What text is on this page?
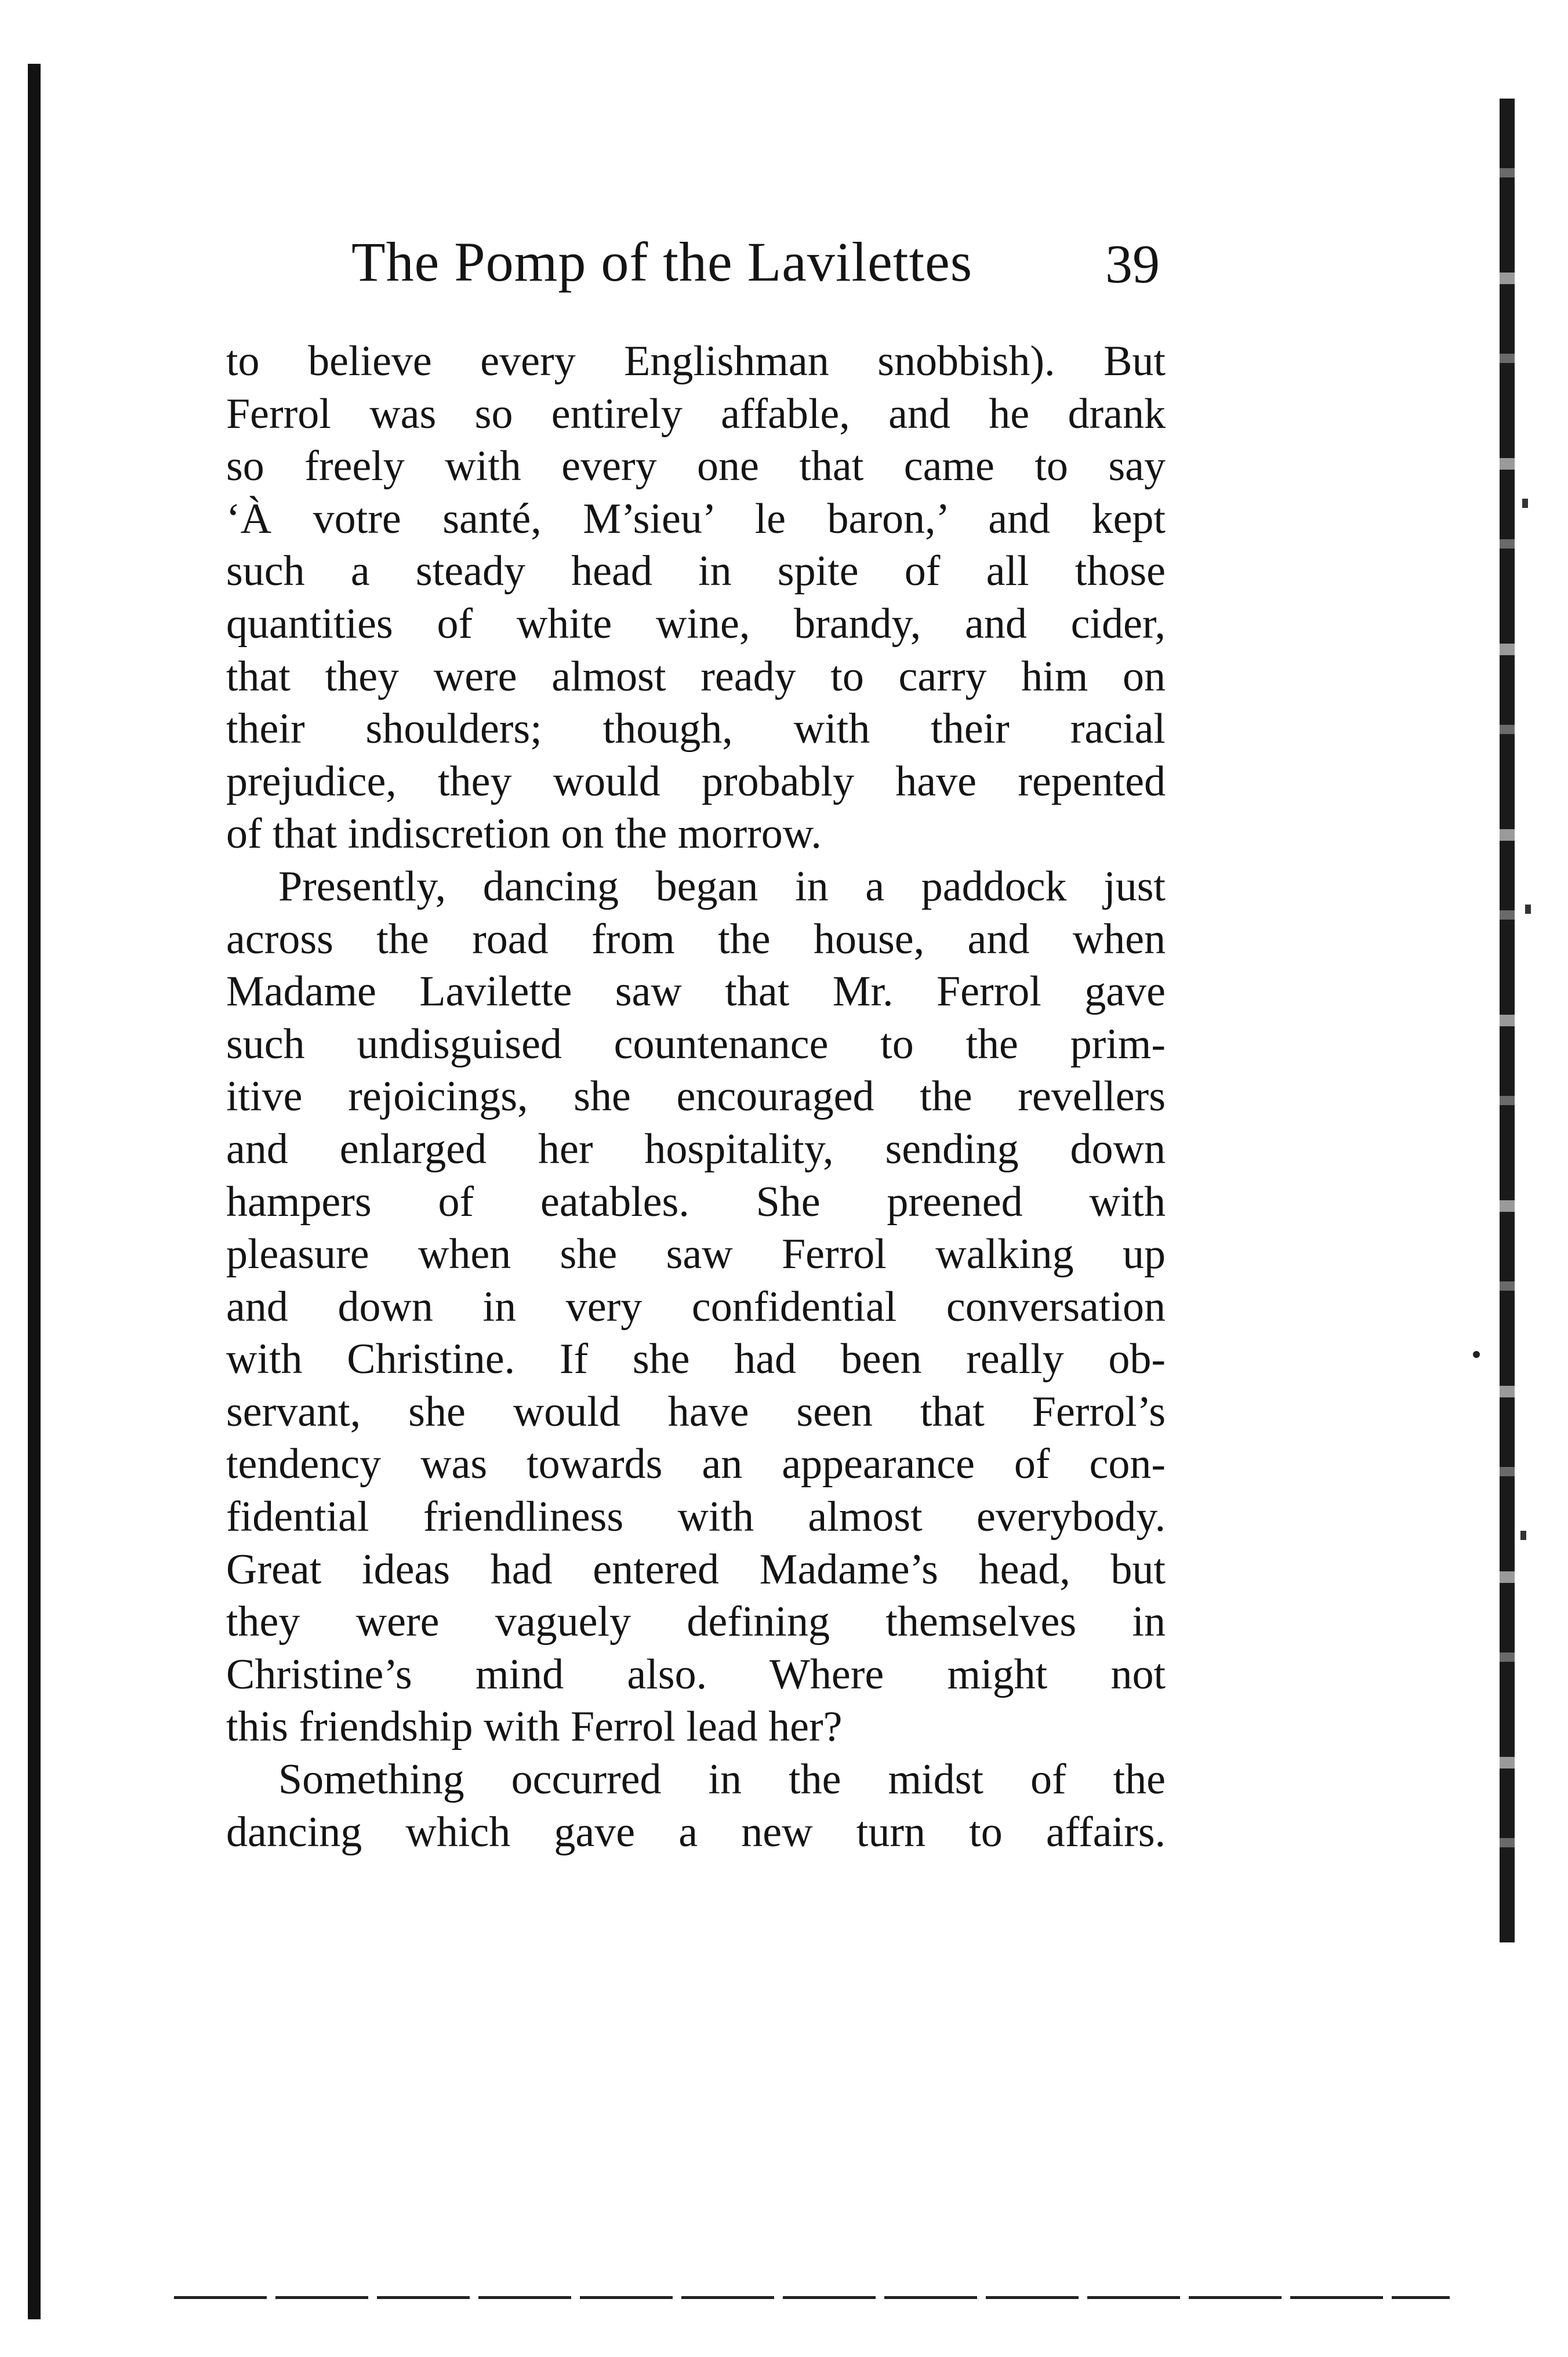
The Pomp of the Lavilettes 39
to believe every Englishman snobbish). But
Ferrol was so entirely affable, and he drank
so freely with every one that came to say
‘À votre santé, M’sieu’ le baron,’ and kept
such a steady head in spite of all those
quantities of white wine, brandy, and cider,
that they were almost ready to carry him on
their shoulders; though, with their racial
prejudice, they would probably have repented
of that indiscretion on the morrow.
Presently, dancing began in a paddock just
across the road from the house, and when
Madame Lavilette saw that Mr. Ferrol gave
such undisguised countenance to the prim-
itive rejoicings, she encouraged the revellers
and enlarged her hospitality, sending down
hampers of eatables. She preened with
pleasure when she saw Ferrol walking up
and down in very confidential conversation
with Christine. If she had been really ob-
servant, she would have seen that Ferrol’s
tendency was towards an appearance of con-
fidential friendliness with almost everybody.
Great ideas had entered Madame’s head, but
they were vaguely defining themselves in
Christine’s mind also. Where might not
this friendship with Ferrol lead her?
Something occurred in the midst of the
dancing which gave a new turn to affairs.
